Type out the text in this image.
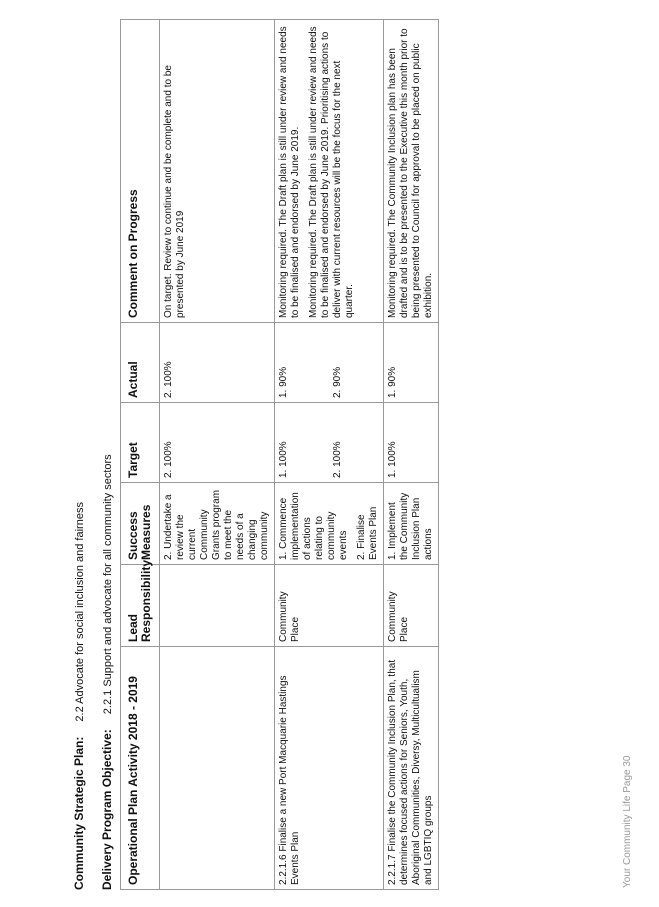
Your Community Life Page 30
Community Strategic Plan: 2.2 Advocate for social inclusion and fairness
Delivery Program Objective: 2.2.1 Support and advocate for all community sectors
Operational Plan Activity 2018 - 2019	Lead Responsibility	Success Measures	Target	Actual	Comment on Progress
		2. Undertake a review the current Community Grants program to meet the needs of a changing community	2. 100%	2. 100%	On target. Review to continue and be complete and to be presented by June 2019
2.2.1.6 Finalise a new Port Macquarie Hastings Events Plan	Community Place	1. Commence implementation of actions relating to community events 2. Finalise Events Plan	1. 100% 2. 100%	1. 90% 2. 90%	Monitoring required. The Draft plan is still under review and needs to be finalised and endorsed by June 2019. Monitoring required. The Draft plan is still under review and needs to be finalised and endorsed by June 2019. Prioritising actions to deliver with current resources will be the focus for the next quarter.

2.2.1.7 Finalise the Community Inclusion Plan, that determines focused actions for Seniors, Youth, Aboriginal Communities, Diversy, Multicultualism and LGBTIQ groups	Community Place	1. Implement the Community Inclusion Plan actions	1. 100%	1. 90%	Monitoring required. The Community Inclusion plan has been drafted and is to be presented to the Executive this month prior to being presented to Council for approval to be placed on public exhibition.
